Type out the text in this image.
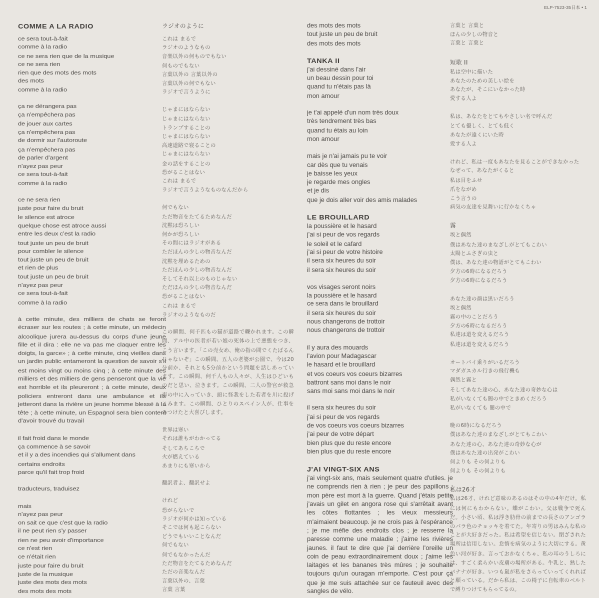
ELP-7523-35日本 • 1
COMME A LA RADIO
ce sera tout-à-fait
comme à la radio
ce ne sera rien que de la musique
ce ne sera rien
rien que des mots des mots
des mots
comme à la radio
ça ne dérangera pas
ça n'empêchera pas
de jouer aux cartes
ça n'empêchera pas
de dormir sur l'autoroute
ça n'empêchera pas
de parler d'argent
n'ayez pas peur
ce sera tout-à-fait
comme à la radio
ce ne sera rien
juste pour faire du bruit
le silence est atroce
quelque chose est atroce aussi
entre les deux c'est la radio
tout juste un peu de bruit
pour combler le silence
tout juste un peu de bruit
et rien de plus
tout juste un peu de bruit
n'ayez pas peur
ce sera tout-à-fait
comme à la radio
à cette minute, des milliers de chats se feront écraser sur les routes ; à cette minute, un médecin alcoolique jurera au-dessus du corps d'une jeune fille et il dira : elle ne va pas me claquer entre les doigts, la garce» ; à cette minute, cinq vieilles dans un jardin public entameront la question de savoir s'il est moins vingt ou moins cinq ; à cette minute des milliers et des milliers de gens penseront que la vie est horrible et ils pleureront ; à cette minute, deux policiers entreront dans une ambulance et ils jetteront dans la rivière un jeune homme blessé à la tête ; à cette minute, un Espagnol sera bien content d'avoir trouvé du travail
il fait froid dans le monde
ça commence à se savoir
et il y a des incendies qui s'allument dans
certains endroits
parce qu'il fait trop froid
traducteurs, traduisez
mais
n'ayez pas peur
on sait ce que c'est que la radio
il ne peut rien s'y passer
rien ne peu avoir d'importance
ce n'est rien
ce n'était rien
juste pour faire du bruit
juste de la musique
juste des mots des mots
des mots des mots
ラジオのように
これは まるで
ラジオのようなもの
音楽以外の何ものでもない
何ものでもない
言葉以外の 言葉以外の
言葉以外の何でもない
ラジオで言うように
じゃまにはならない
じゃまにはならない
トランプすることの
じゃまにはならない
高速道路で寝ることの
じゃまにはならない
金の話をすることの
恐がることはない
これは まるで
ラジオで言うようなものなんだから
何でもない
ただ物音をたてるためなんだ
沈黙は恐ろしい
何かが恐ろしい
その間にはラジオがある
ただほんの少しの物音なんだ
沈黙を埋めるための
ただほんの少しの物音なんだ
そしてそれ以上のものじゃない
ただほんの少しの物音なんだ
恐がることはない
これは まるで
ラジオのようなものだ
この瞬間、何千匹もの猫が道路で轢かれます。この瞬間、アル中の医者が若い娘の死体の上で悪態をつき、こう言います。「この売女め、俺の指の間でくたばるんじゃないぞ」この瞬間、五人の老婆が公園で、今は20分前か、それとも5分前かという問題を話しあっています。この瞬間、何千人もの人々が、人生はひどいものだと思い、泣きます。この瞬間、二人の警官が救急車の中に入っていき、頭に怪我をした若者を川に投げこみます。この瞬間、ひとりのスペイン人が、仕事をみつけたと大喜びします。
世界は寒い
それは誰もがわかってる
そしてあちこちで
火が燃えている
あまりにも寒いから
翻訳者よ、翻訳せよ
けれど
恐がらないで
ラジオが何かは知っている
そこでは何も起こらない
どうでもいいことなんだ
何でもない
何でもなかったんだ
ただ物音をたてるためなんだ
ただの音楽なんだ
言葉以外の、言葉
言葉 言葉
des mots des mots
tout juste un peu de bruit
des mots des mots
TANKA II
j'ai dessiné dans l'air
un beau dessin pour toi
quand tu n'étais pas là
mon amour
je t'ai appelé d'un nom très doux
très tendrement très bas
quand tu étais au loin
mon amour
mais je n'ai jamais pu te voir
car dès que tu venais
je baisse les yeux
je regarde mes ongles
et je dis
que je dois aller voir des amis malades
LE BROUILLARD
la poussière et le hasard
j'ai si peur de vos regards
le soleil et le cafard
j'ai si peur de votre histoire
il sera six heures du soir
il sera six heures du soir
vos visages seront noirs
la poussière et le hasard
ce sera dans le brouillard
il sera six heures du soir
nous changerons de trottoir
nous changerons de trottoir
il y aura des mouards
l'avion pour Madagascar
le hasard et le brouillard
et vos coeurs vos coeurs bizarres
battront sans moi dans le noir
sans moi sans moi dans le noir
il sera six heures du soir
j'ai si peur de vos regards
de vos coeurs vos coeurs bizarres
j'ai peur de votre départ
bien plus que du reste encore
bien plus que du reste encore
J'AI VINGT-SIX ANS
j'ai vingt-six ans, mais seulement quatre d'utiles. je ne comprends rien à rien ; je peur des papillons ; mon père est mort à la guerre. Quand j'étais petite j'avais un gilet en angora rose qui s'arrêtait avant les côtes flottantes ; les vieux messieurs m'aimaient beaucoup. je ne crois pas à l'espérance ; je me méfie des endroits clos ; je resserre la paresse comme une maladie ; j'aime les rivières jaunes. il faut te dire que j'ai derrière l'oreille un coin de peau extraordinairement doux ; j'aime les laitages et les bananes très mûres ; je souhaite toujours qu'un ouragan m'emporte. C'est pour ça que je me suis attachée sur ce fauteuil avec des sangles de vélo.
言葉と 言葉と
ほんの少しの物音と
言葉と 言葉と
短歌 II
私は空中に描いた
あなたのための美しい絵を
あなたが、そこにいなかった時
愛する人よ
私は、あなたをとてもやさしい名で呼んだ
とても優しく、とても低く
あなたが遠くにいた時
愛する人よ
けれど、私は一度もあなたを見ることができなかった
なぜって、あなたがくると
私は目をふせ
爪をながめ
こう言うの
病気の友達を見舞いに行かなくちゃ
霧
埃と偶然
僕はあなた達のまなざしがとてもこわい
太陽とふさぎの虫と
僕は、あなた達の物語がとてもこわい
夕方の6時になるだろう
夕方の6時になるだろう
あなた達の顔は黒いだろう
埃と偶然
霧の中のことだろう
夕方の6時になるだろう
私達は道を変えるだろう
私達は道を変えるだろう
オートバイ乗りがいるだろう
マダガスカル行きの飛行機も
偶然と霧と
そしてあなた達の心、あなた達の奇妙な心は
私がいなくても闇の中でときめくだろう
私がいなくても 闇の中で
晩の6時になるだろう
僕はあなた達のまなざしがとてもこわい
あなた達の心、あなた達の奇妙な心が
僕はあなた達の出発がこわい
何よりも その何よりも
何よりも その何よりも
私は26才
私は26才、けれど意味のあるのはその中の4年だけ。私には何にもわからない。蝶がこわい。父は戦争で死んだ。小さい頃、私は浮き肋骨の前までの長さのアンゴラのバラ色のチョッキを着てた。年寄りの男はみんな私のことが大好きだった。私は希望を信じない。閉ざされた場所は信用しない。怠惰を病気のように大切にする。黄色い河が好き。言っておかなくちゃ、私の耳のうしろには、すごく柔らかい皮膚の場所がある。牛乳と、熟したバナナが好き。いつも嵐が私をさらっていってくれればと願っている。だから私は、この椅子に自転車のベルトで縛りつけてもらってるの。
